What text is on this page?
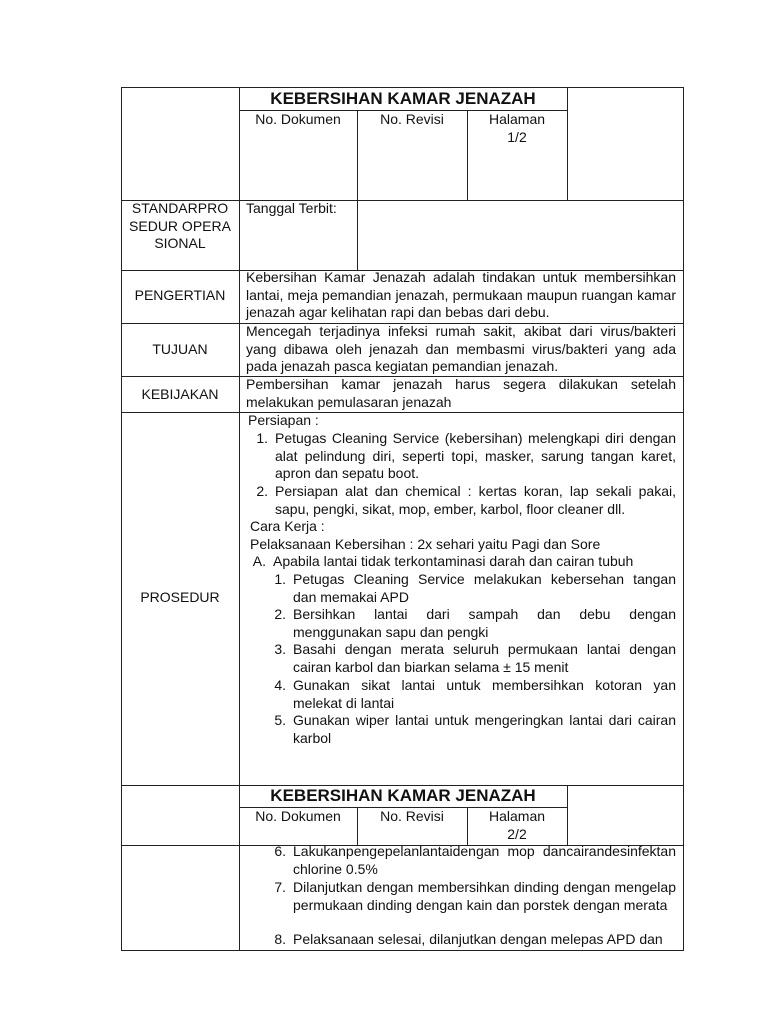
KEBERSIHAN KAMAR JENAZAH
No. Dokumen	No. Revisi	Halaman
1/2
STANDARPRO SEDUR OPERASIONAL
Tanggal Terbit:
PENGERTIAN
Kebersihan Kamar Jenazah adalah tindakan untuk membersihkan lantai, meja pemandian jenazah, permukaan maupun ruangan kamar jenazah agar kelihatan rapi dan bebas dari debu.
TUJUAN
Mencegah terjadinya infeksi rumah sakit, akibat dari virus/bakteri yang dibawa oleh jenazah dan membasmi virus/bakteri yang ada pada jenazah pasca kegiatan pemandian jenazah.
KEBIJAKAN
Pembersihan kamar jenazah harus segera dilakukan setelah melakukan pemulasaran jenazah
PROSEDUR
Persiapan :
1. Petugas Cleaning Service (kebersihan) melengkapi diri dengan alat pelindung diri, seperti topi, masker, sarung tangan karet, apron dan sepatu boot.
2. Persiapan alat dan chemical : kertas koran, lap sekali pakai, sapu, pengki, sikat, mop, ember, karbol, floor cleaner dll.
Cara Kerja :
Pelaksanaan Kebersihan : 2x sehari yaitu Pagi dan Sore
A. Apabila lantai tidak terkontaminasi darah dan cairan tubuh
1. Petugas Cleaning Service melakukan kebersehan tangan dan memakai APD
2. Bersihkan lantai dari sampah dan debu dengan menggunakan sapu dan pengki
3. Basahi dengan merata seluruh permukaan lantai dengan cairan karbol dan biarkan selama ± 15 menit
4. Gunakan sikat lantai untuk membersihkan kotoran yan melekat di lantai
5. Gunakan wiper lantai untuk mengeringkan lantai dari cairan karbol
KEBERSIHAN KAMAR JENAZAH
No. Dokumen	No. Revisi	Halaman
2/2
6. Lakukanpengepelanlantaidengan mop dancairandesinfektan chlorine 0.5%
7. Dilanjutkan dengan membersihkan dinding dengan mengelap permukaan dinding dengan kain dan porstek dengan merata
8. Pelaksanaan selesai, dilanjutkan dengan melepas APD dan
